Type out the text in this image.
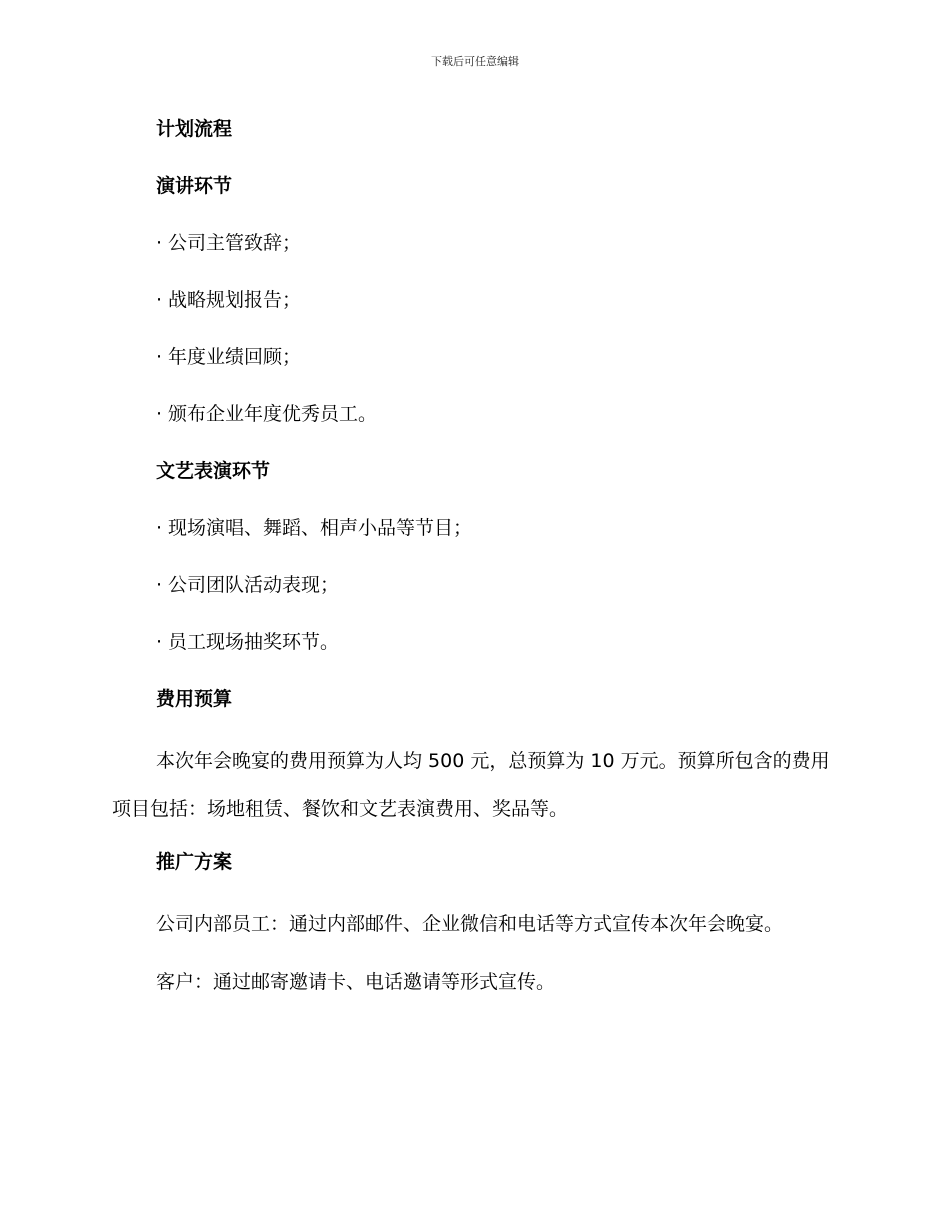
下载后可任意编辑

计划流程

演讲环节

· 公司主管致辞；

· 战略规划报告；

· 年度业绩回顾；

· 颁布企业年度优秀员工。

文艺表演环节

· 现场演唱、舞蹈、相声小品等节目；

· 公司团队活动表现；

· 员工现场抽奖环节。

费用预算

本次年会晚宴的费用预算为人均 500 元，总预算为 10 万元。预算所包含的费用项目包括：场地租赁、餐饮和文艺表演费用、奖品等。

推广方案

公司内部员工：通过内部邮件、企业微信和电话等方式宣传本次年会晚宴。

客户：通过邮寄邀请卡、电话邀请等形式宣传。
